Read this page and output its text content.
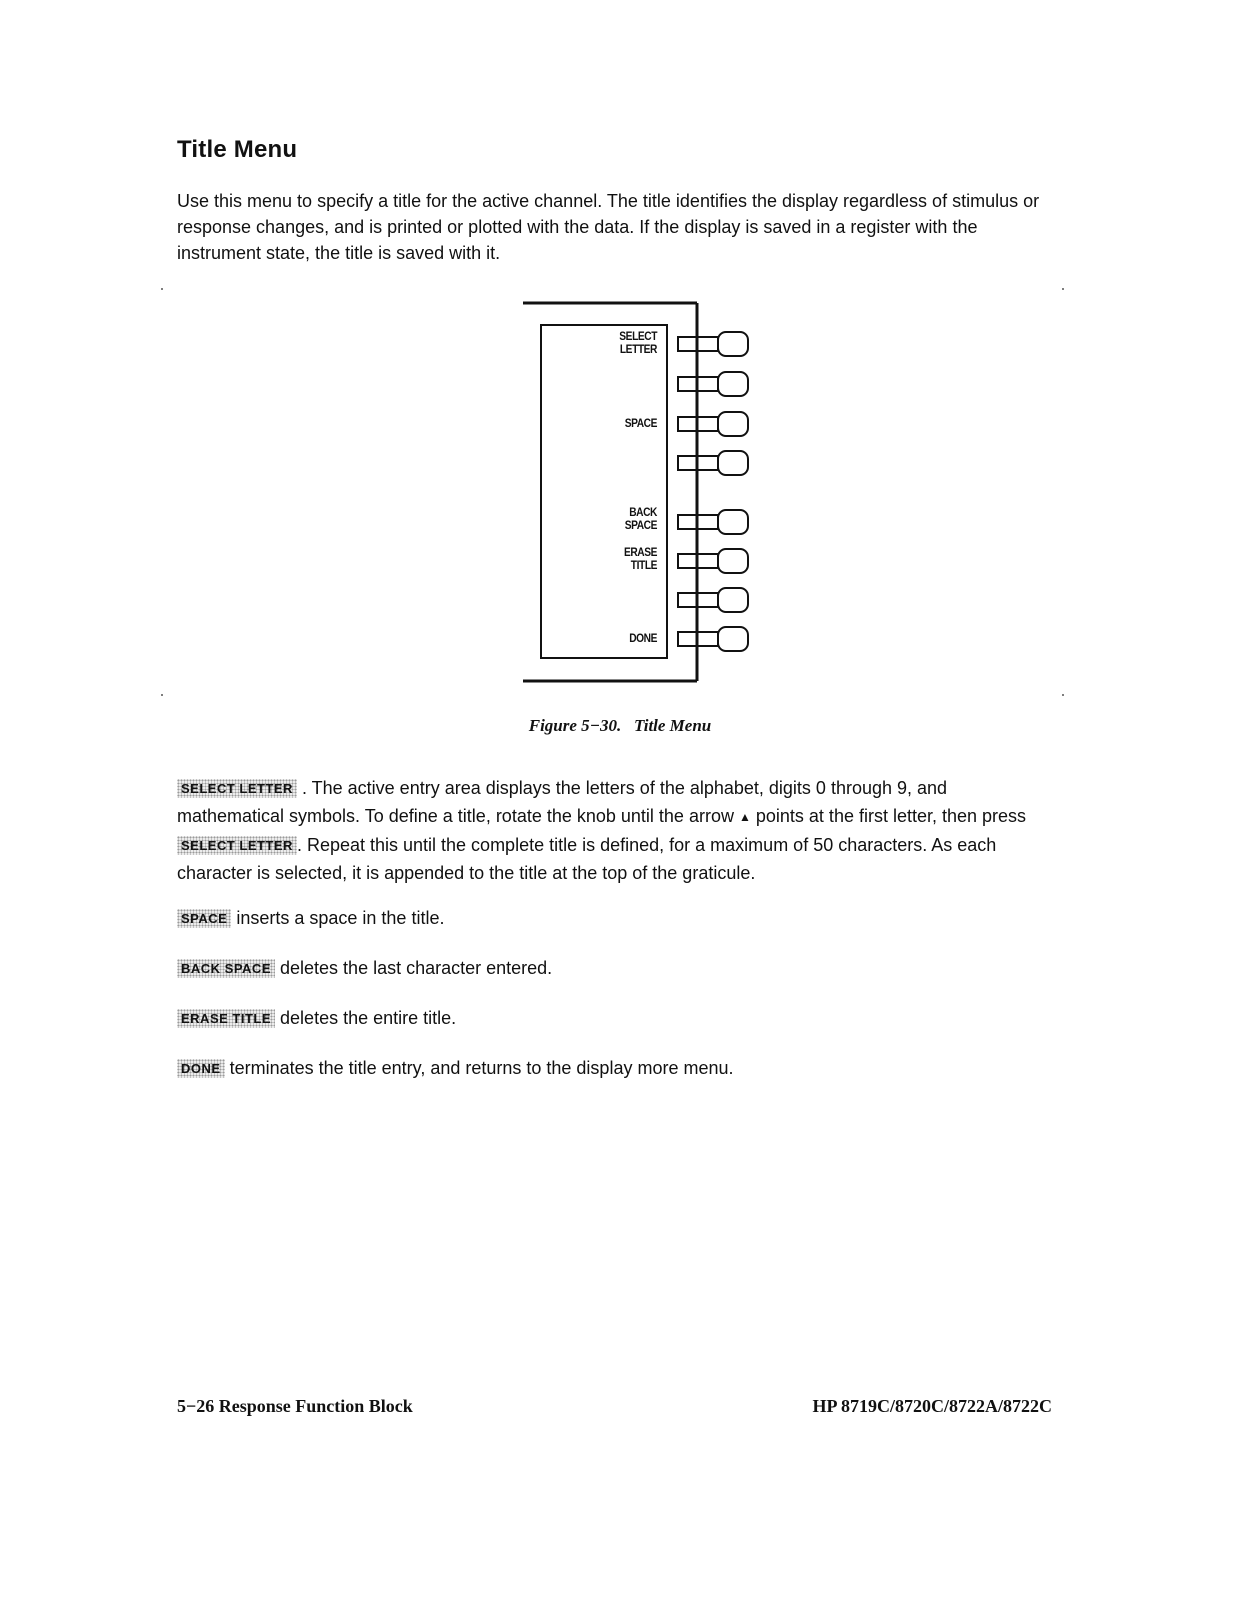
Title Menu

Use this menu to specify a title for the active channel. The title identifies the display regardless of stimulus or response changes, and is printed or plotted with the data. If the display is saved in a register with the instrument state, the title is saved with it.

SELECT
LETTER
SPACE
BACK
SPACE
ERASE
TITLE
DONE
Figure 5−30. Title Menu

SELECT LETTER . The active entry area displays the letters of the alphabet, digits 0 through 9, and mathematical symbols. To define a title, rotate the knob until the arrow ▲ points at the first letter, then press SELECT LETTER . Repeat this until the complete title is defined, for a maximum of 50 characters. As each character is selected, it is appended to the title at the top of the graticule.

SPACE inserts a space in the title.

BACK SPACE deletes the last character entered.

ERASE TITLE deletes the entire title.

DONE terminates the title entry, and returns to the display more menu.

5−26 Response Function Block	HP 8719C/8720C/8722A/8722C
